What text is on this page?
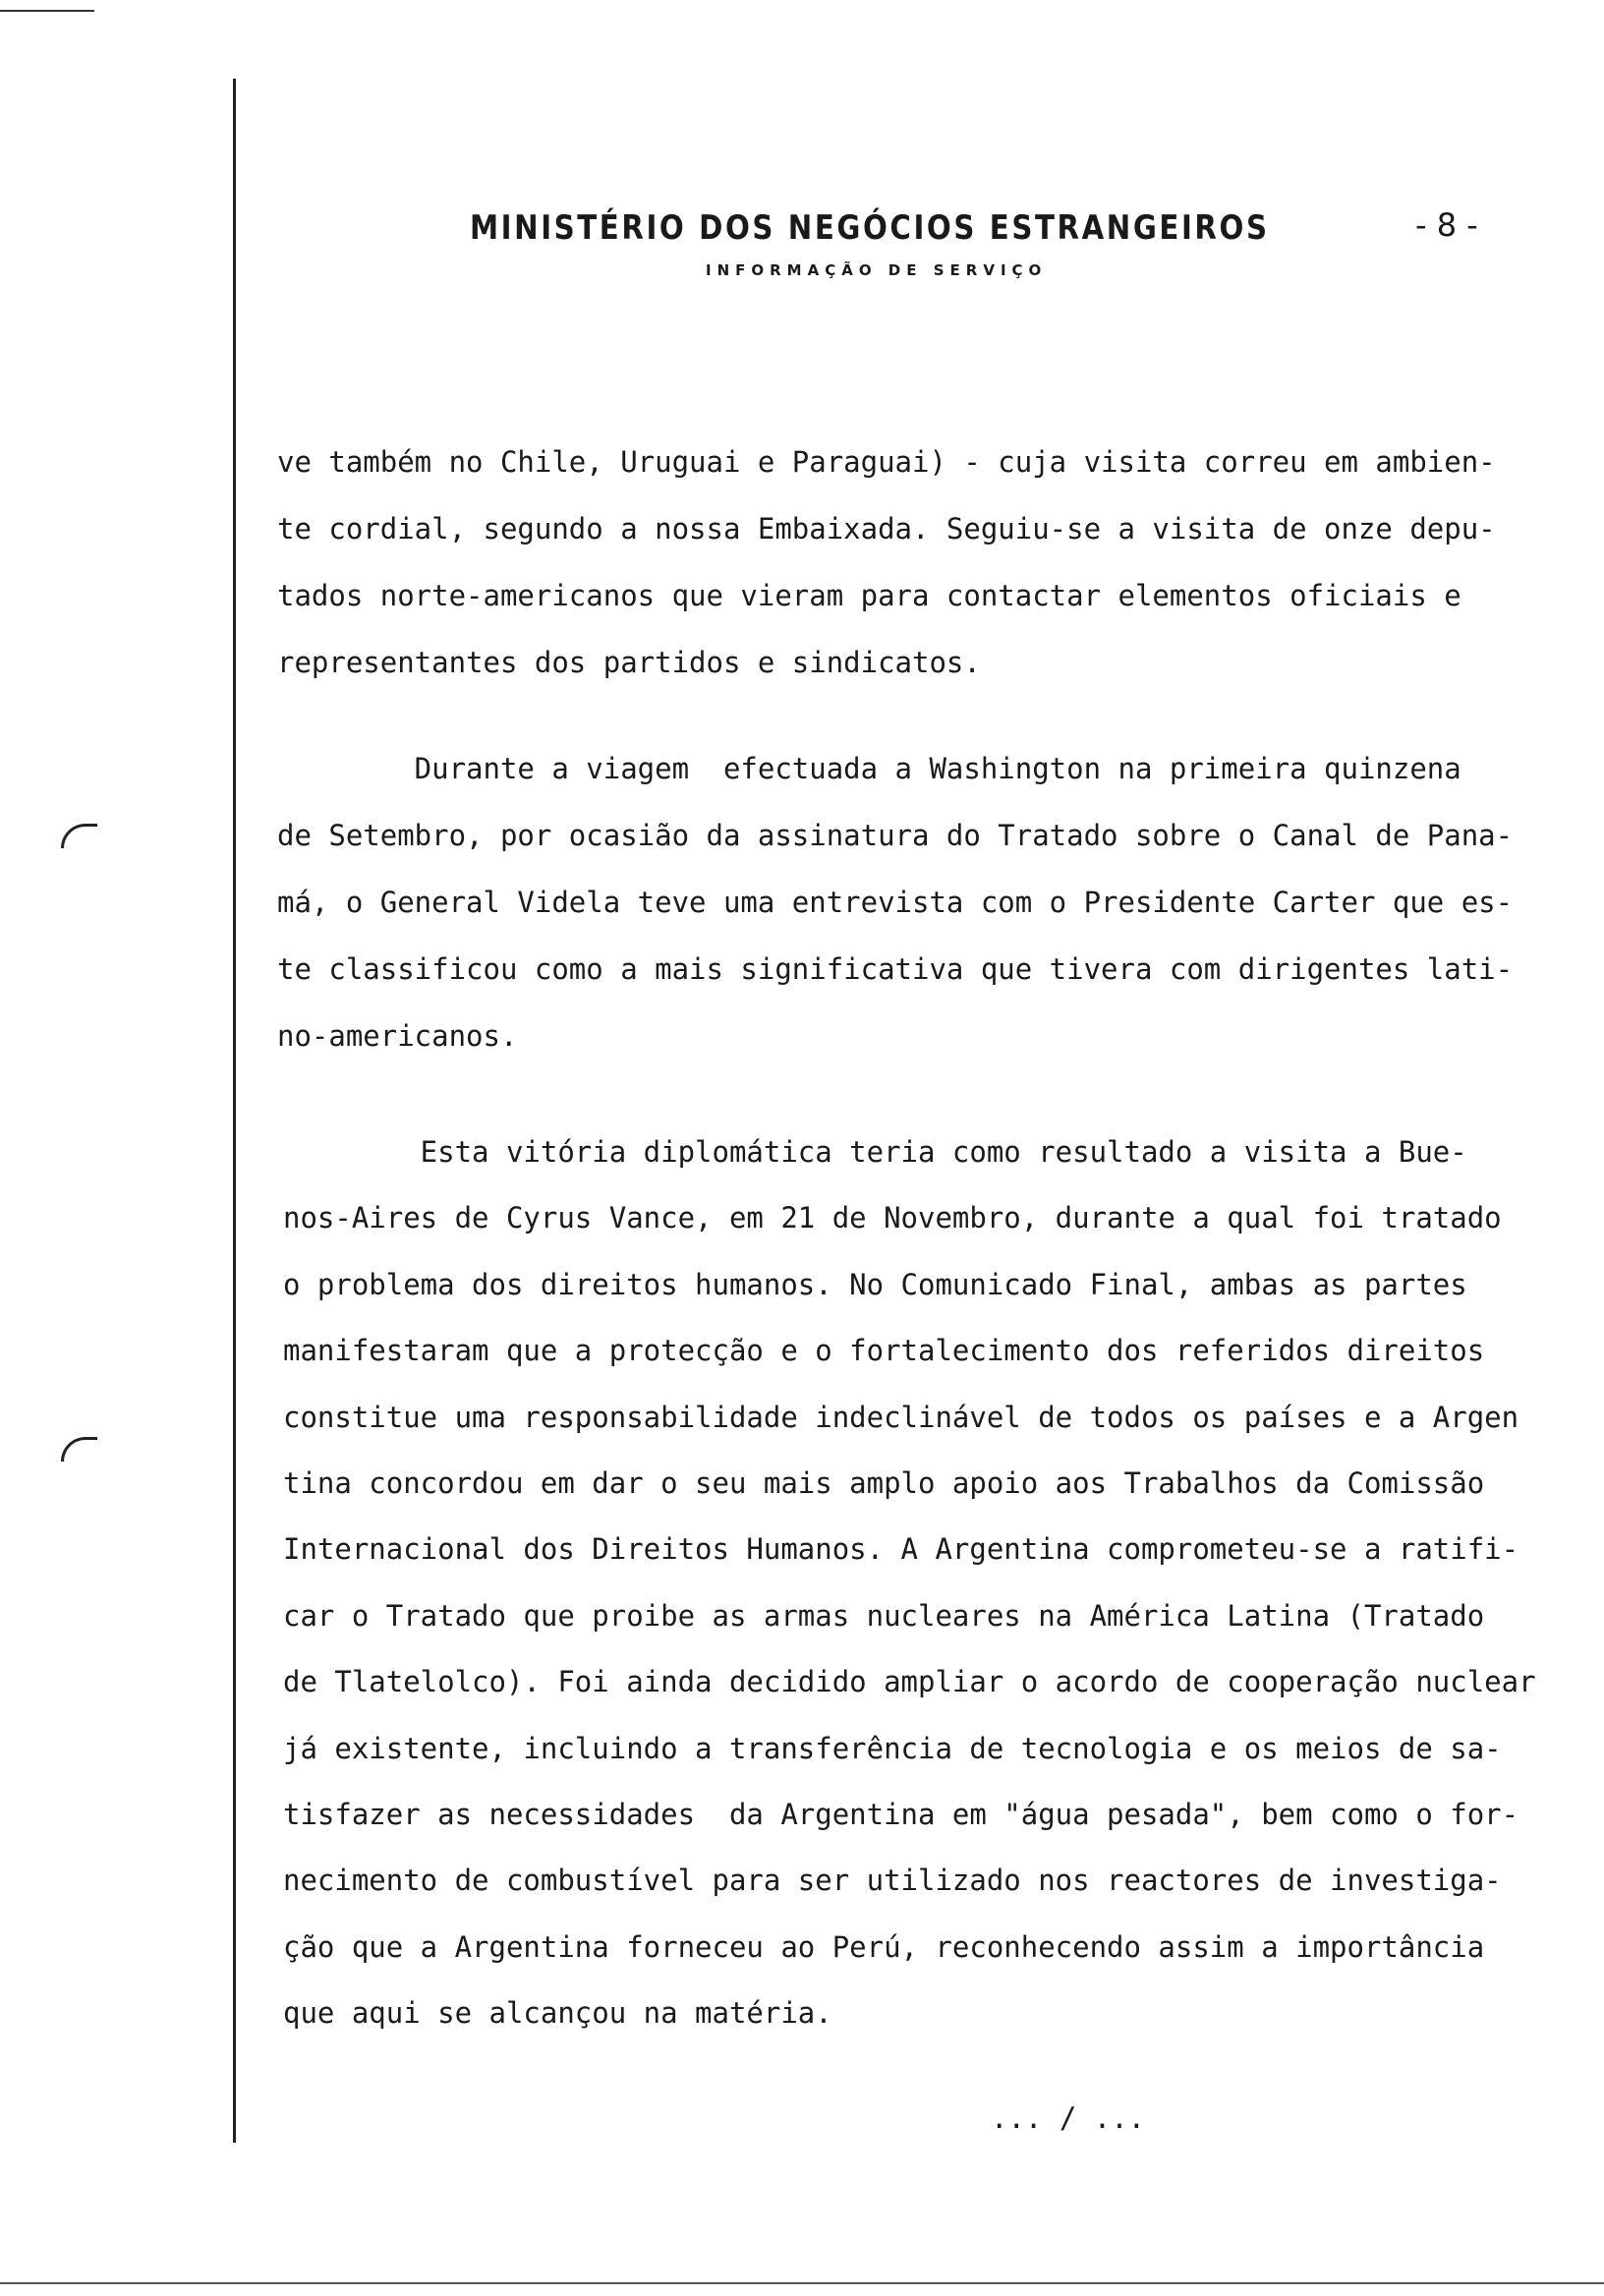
MINISTÉRIO DOS NEGÓCIOS ESTRANGEIROS	- 8 -
INFORMAÇÃO DE SERVIÇO
ve também no Chile, Uruguai e Paraguai) - cuja visita correu em ambien-
te cordial, segundo a nossa Embaixada. Seguiu-se a visita de onze depu-
tados norte-americanos que vieram para contactar elementos oficiais e
representantes dos partidos e sindicatos.
Durante a viagem  efectuada a Washington na primeira quinzena
de Setembro, por ocasião da assinatura do Tratado sobre o Canal de Pana-
má, o General Videla teve uma entrevista com o Presidente Carter que es-
te classificou como a mais significativa que tivera com dirigentes lati-
no-americanos.
Esta vitória diplomática teria como resultado a visita a Bue-
nos-Aires de Cyrus Vance, em 21 de Novembro, durante a qual foi tratado
o problema dos direitos humanos. No Comunicado Final, ambas as partes
manifestaram que a protecção e o fortalecimento dos referidos direitos
constitue uma responsabilidade indeclinável de todos os países e a Argen
tina concordou em dar o seu mais amplo apoio aos Trabalhos da Comissão
Internacional dos Direitos Humanos. A Argentina comprometeu-se a ratifi-
car o Tratado que proibe as armas nucleares na América Latina (Tratado
de Tlatelolco). Foi ainda decidido ampliar o acordo de cooperação nuclear
já existente, incluindo a transferência de tecnologia e os meios de sa-
tisfazer as necessidades  da Argentina em "água pesada", bem como o for-
necimento de combustível para ser utilizado nos reactores de investiga-
ção que a Argentina forneceu ao Perú, reconhecendo assim a importância
que aqui se alcançou na matéria.
... / ...
